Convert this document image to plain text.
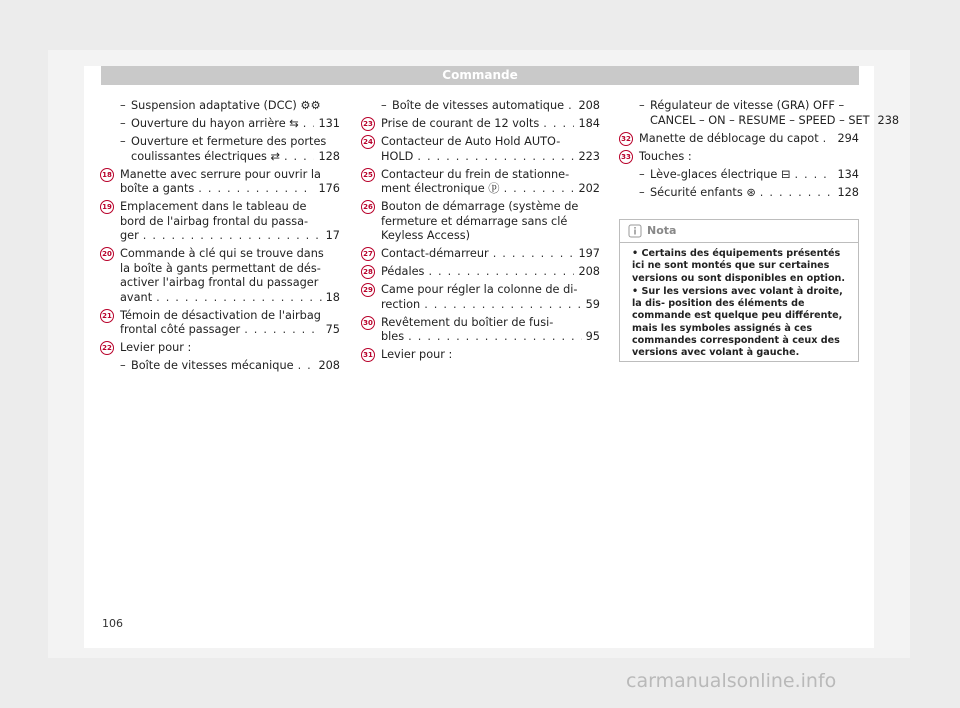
Commande
– Suspension adaptative (DCC) ⚙⚙
– Ouverture du hayon arrière ⇆ . . . 131
– Ouverture et fermeture des portes
coulissantes électriques ⇄ . . .	128
18 Manette avec serrure pour ouvrir la
boîte a gants . . .	176
19 Emplacement dans le tableau de
bord de l'airbag frontal du passa-
ger . . .	17
20 Commande à clé qui se trouve dans
la boîte à gants permettant de dés-
activer l'airbag frontal du passager
avant . . .	18
21 Témoin de désactivation de l'airbag
frontal côté passager . . .	75
22 Levier pour :
– Boîte de vitesses mécanique . . . 208
– Boîte de vitesses automatique . . . 208
23 Prise de courant de 12 volts . . .	184
24 Contacteur de Auto Hold AUTO-
HOLD . . .	223
25 Contacteur du frein de stationne-
ment électronique ⓟ . . .	202
26 Bouton de démarrage (système de
fermeture et démarrage sans clé
Keyless Access)
27 Contact-démarreur . . .	197
28 Pédales . . .	208
29 Came pour régler la colonne de di-
rection . . .	59
30 Revêtement du boîtier de fusi-
bles . . .	95
31 Levier pour :
– Régulateur de vitesse (GRA) OFF –
CANCEL – ON – RESUME – SPEED – SET 238
32 Manette de déblocage du capot . . . 294
33 Touches :
– Lève-glaces électrique ⊟ . . .	134
– Sécurité enfants ⊛ . . .	128
Nota
• Certains des équipements présentés ici ne sont montés que sur certaines versions ou sont disponibles en option.
• Sur les versions avec volant à droite, la dis- position des éléments de commande est quelque peu différente, mais les symboles assignés à ces commandes correspondent à ceux des versions avec volant à gauche.
106
carmanualsonline.info
